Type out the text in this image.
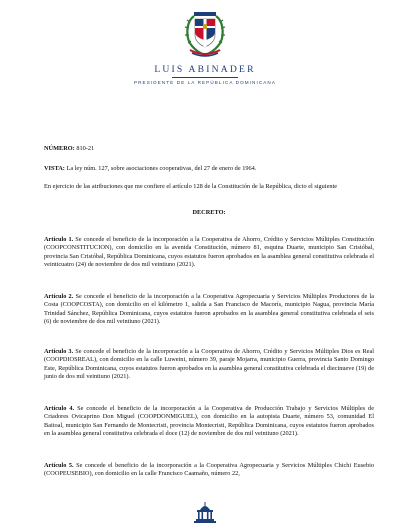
LUIS ABINADER
PRESIDENTE DE LA REPÚBLICA DOMINICANA
NÚMERO: 810-21
VISTA: La ley núm. 127, sobre asociaciones cooperativas, del 27 de enero de 1964.
En ejercicio de las atribuciones que me confiere el artículo 128 de la Constitución de la República, dicto el siguiente
DECRETO:
Artículo 1. Se concede el beneficio de la incorporación a la Cooperativa de Ahorro, Crédito y Servicios Múltiples Constitución (COOPCONSTITUCION), con domicilio en la avenida Constitución, número 81, esquina Duarte, municipio San Cristóbal, provincia San Cristóbal, República Dominicana, cuyos estatutos fueron aprobados en la asamblea general constitutiva celebrada el veinticuatro (24) de noviembre de dos mil veintiuno (2021).
Artículo 2. Se concede el beneficio de la incorporación a la Cooperativa Agropecuaria y Servicios Múltiples Productores de la Costa (COOPCOSTA), con domicilio en el kilómetro 1, salida a San Francisco de Macorís, municipio Nagua, provincia María Trinidad Sánchez, República Dominicana, cuyos estatutos fueron aprobados en la asamblea general constitutiva celebrada el seis (6) de noviembre de dos mil veintiuno (2021).
Artículo 3. Se concede el beneficio de la incorporación a la Cooperativa de Ahorro, Crédito y Servicios Múltiples Dios es Real (COOPDIOSREAL), con domicilio en la calle Luweini, número 39, paraje Mojarra, municipio Guerra, provincia Santo Domingo Este, República Dominicana, cuyos estatutos fueron aprobados en la asamblea general constitutiva celebrada el diecinueve (19) de junio de dos mil veintiuno (2021).
Artículo 4. Se concede el beneficio de la incorporación a la Cooperativa de Producción Trabajo y Servicios Múltiples de Criadores Ovicaprino Don Miguel (COOPDONMIGUEL), con domicilio en la autopista Duarte, número 53, comunidad El Baitoal, municipio San Fernando de Montecristi, provincia Montecristi, República Dominicana, cuyos estatutos fueron aprobados en la asamblea general constitutiva celebrada el doce (12) de noviembre de dos mil veintiuno (2021).
Artículo 5. Se concede el beneficio de la incorporación a la Cooperativa Agropecuaria y Servicios Múltiples Chichi Eusebio (COOPEUSEBIO), con domicilio en la calle Francisco Caamaño, número 22,
